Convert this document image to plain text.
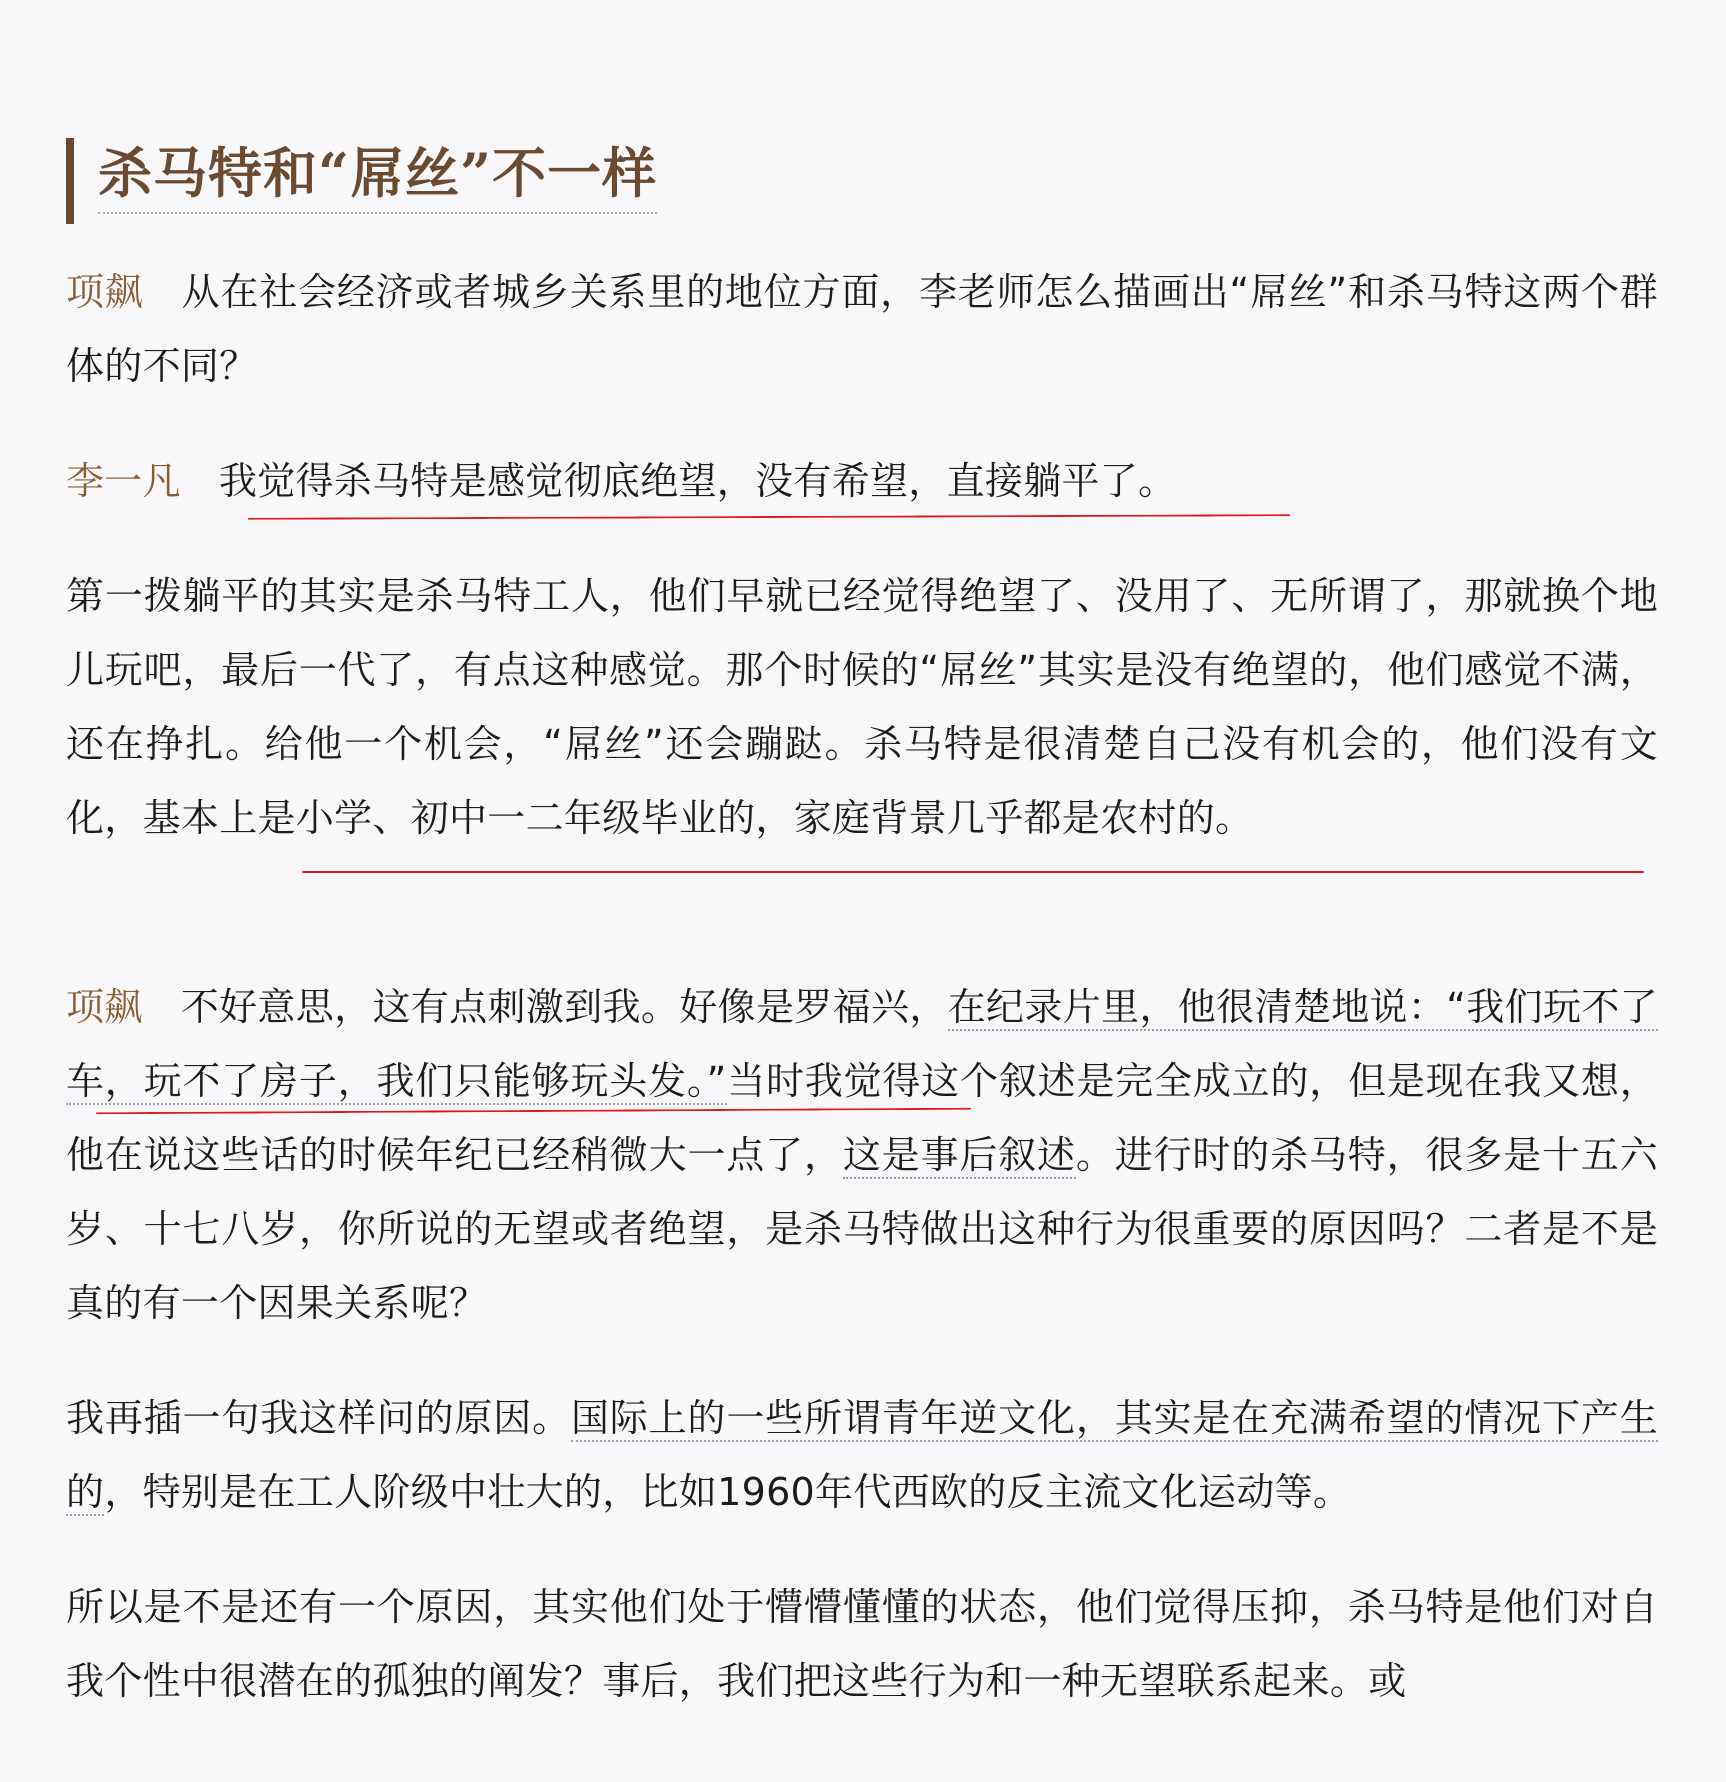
杀马特和“屌丝”不一样

项飙 从在社会经济或者城乡关系里的地位方面，李老师怎么描画出“屌丝”和杀马特这两个群体的不同？

李一凡 我觉得杀马特是感觉彻底绝望，没有希望，直接躺平了。

第一拨躺平的其实是杀马特工人，他们早就已经觉得绝望了、没用了、无所谓了，那就换个地儿玩吧，最后一代了，有点这种感觉。那个时候的“屌丝”其实是没有绝望的，他们感觉不满，还在挣扎。给他一个机会，“屌丝”还会蹦跶。杀马特是很清楚自己没有机会的，他们没有文化，基本上是小学、初中一二年级毕业的，家庭背景几乎都是农村的。

项飙 不好意思，这有点刺激到我。好像是罗福兴，在纪录片里，他很清楚地说：“我们玩不了车，玩不了房子，我们只能够玩头发。”当时我觉得这个叙述是完全成立的，但是现在我又想，他在说这些话的时候年纪已经稍微大一点了，这是事后叙述。进行时的杀马特，很多是十五六岁、十七八岁，你所说的无望或者绝望，是杀马特做出这种行为很重要的原因吗？二者是不是真的有一个因果关系呢？

我再插一句我这样问的原因。国际上的一些所谓青年逆文化，其实是在充满希望的情况下产生的，特别是在工人阶级中壮大的，比如1960年代西欧的反主流文化运动等。

所以是不是还有一个原因，其实他们处于懵懵懂懂的状态，他们觉得压抑，杀马特是他们对自我个性中很潜在的孤独的阐发？事后，我们把这些行为和一种无望联系起来。或
